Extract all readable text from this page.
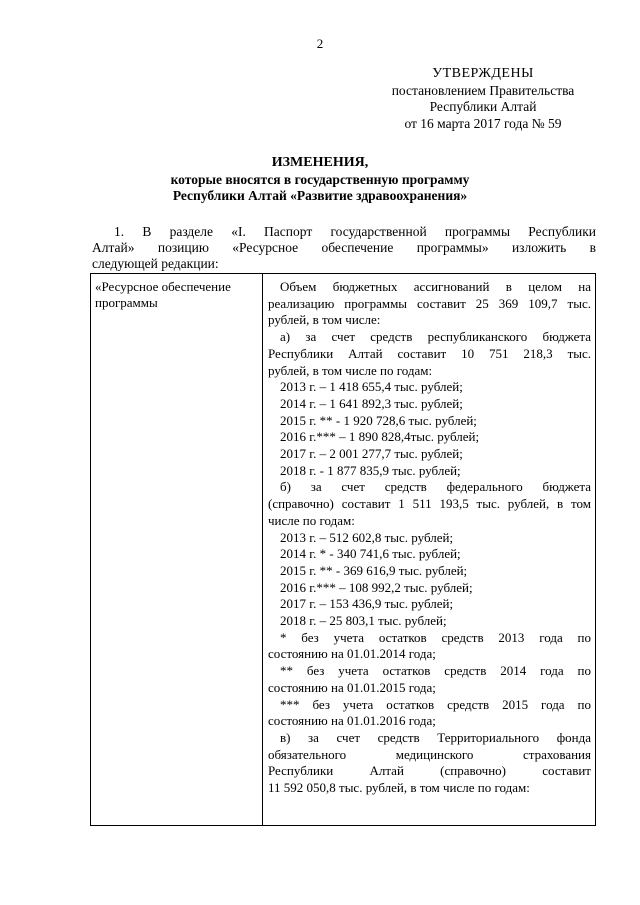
2
УТВЕРЖДЕНЫ
постановлением Правительства
Республики Алтай
от 16 марта 2017 года № 59
ИЗМЕНЕНИЯ,
которые вносятся в государственную программу
Республики Алтай «Развитие здравоохранения»
1. В разделе «I. Паспорт государственной программы Республики
Алтай» позицию «Ресурсное обеспечение программы» изложить в
следующей редакции:
«Ресурсное обеспечение
программы

Объем бюджетных ассигнований в целом на
реализацию программы составит 25 369 109,7 тыс.
рублей, в том числе:
а) за счет средств республиканского бюджета
Республики Алтай составит 10 751 218,3 тыс.
рублей, в том числе по годам:
2013 г. – 1 418 655,4 тыс. рублей;
2014 г. – 1 641 892,3 тыс. рублей;
2015 г. ** - 1 920 728,6 тыс. рублей;
2016 г.*** – 1 890 828,4тыс. рублей;
2017 г. – 2 001 277,7 тыс. рублей;
2018 г. - 1 877 835,9 тыс. рублей;
б) за счет средств федерального бюджета
(справочно) составит 1 511 193,5 тыс. рублей, в том
числе по годам:
2013 г. – 512 602,8 тыс. рублей;
2014 г. * - 340 741,6 тыс. рублей;
2015 г. ** - 369 616,9 тыс. рублей;
2016 г.*** – 108 992,2 тыс. рублей;
2017 г. – 153 436,9 тыс. рублей;
2018 г. – 25 803,1 тыс. рублей;
* без учета остатков средств 2013 года по
состоянию на 01.01.2014 года;
** без учета остатков средств 2014 года по
состоянию на 01.01.2015 года;
*** без учета остатков средств 2015 года по
состоянию на 01.01.2016 года;
в) за счет средств Территориального фонда
обязательного медицинского страхования
Республики Алтай (справочно) составит
11 592 050,8 тыс. рублей, в том числе по годам:
